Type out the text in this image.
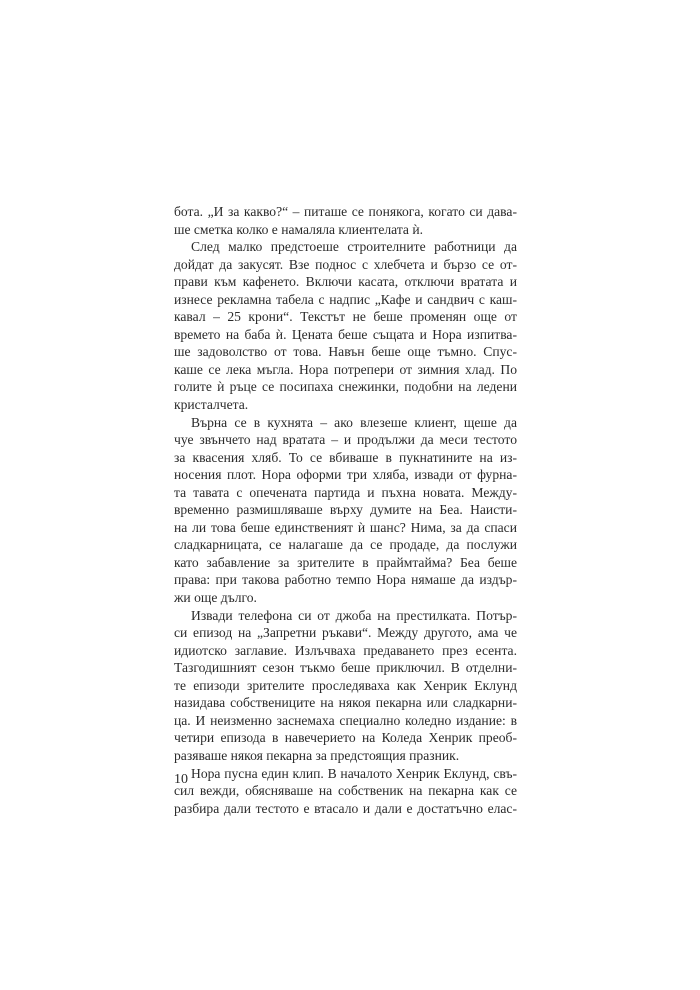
бота. „И за какво?“ – питаше се понякога, когато си дава-

ше сметка колко е намаляла клиентелата ѝ.

След малко предстоеше строителните работници да

дойдат да закусят. Взе поднос с хлебчета и бързо се от-

прави към кафенето. Включи касата, отключи вратата и

изнесе рекламна табела с надпис „Кафе и сандвич с каш-

кавал – 25 крони“. Текстът не беше променян още от

времето на баба ѝ. Цената беше същата и Нора изпитва-

ше задоволство от това. Навън беше още тъмно. Спус-

каше се лека мъгла. Нора потрепери от зимния хлад. По

голите ѝ ръце се посипаха снежинки, подобни на ледени

кристалчета.

Върна се в кухнята – ако влезеше клиент, щеше да

чуе звънчето над вратата – и продължи да меси тестото

за квасения хляб. То се вбиваше в пукнатините на из-

носения плот. Нора оформи три хляба, извади от фурна-

та тавата с опечената партида и пъхна новата. Между-

временно размишляваше върху думите на Беа. Наисти-

на ли това беше единственият ѝ шанс? Нима, за да спаси

сладкарницата, се налагаше да се продаде, да послужи

като забавление за зрителите в праймтайма? Беа беше

права: при такова работно темпо Нора нямаше да издър-

жи още дълго.

Извади телефона си от джоба на престилката. Потър-

си епизод на „Запретни ръкави“. Между другото, ама че

идиотско заглавие. Излъчваха предаването през есента.

Тазгодишният сезон тъкмо беше приключил. В отделни-

те епизоди зрителите проследяваха как Хенрик Еклунд

назидава собствениците на някоя пекарна или сладкарни-

ца. И неизменно заснемаха специално коледно издание: в

четири епизода в навечерието на Коледа Хенрик преоб-

разяваше някоя пекарна за предстоящия празник.

Нора пусна един клип. В началото Хенрик Еклунд, свъ-

сил вежди, обясняваше на собственик на пекарна как се

разбира дали тестото е втасало и дали е достатъчно елас-

10
